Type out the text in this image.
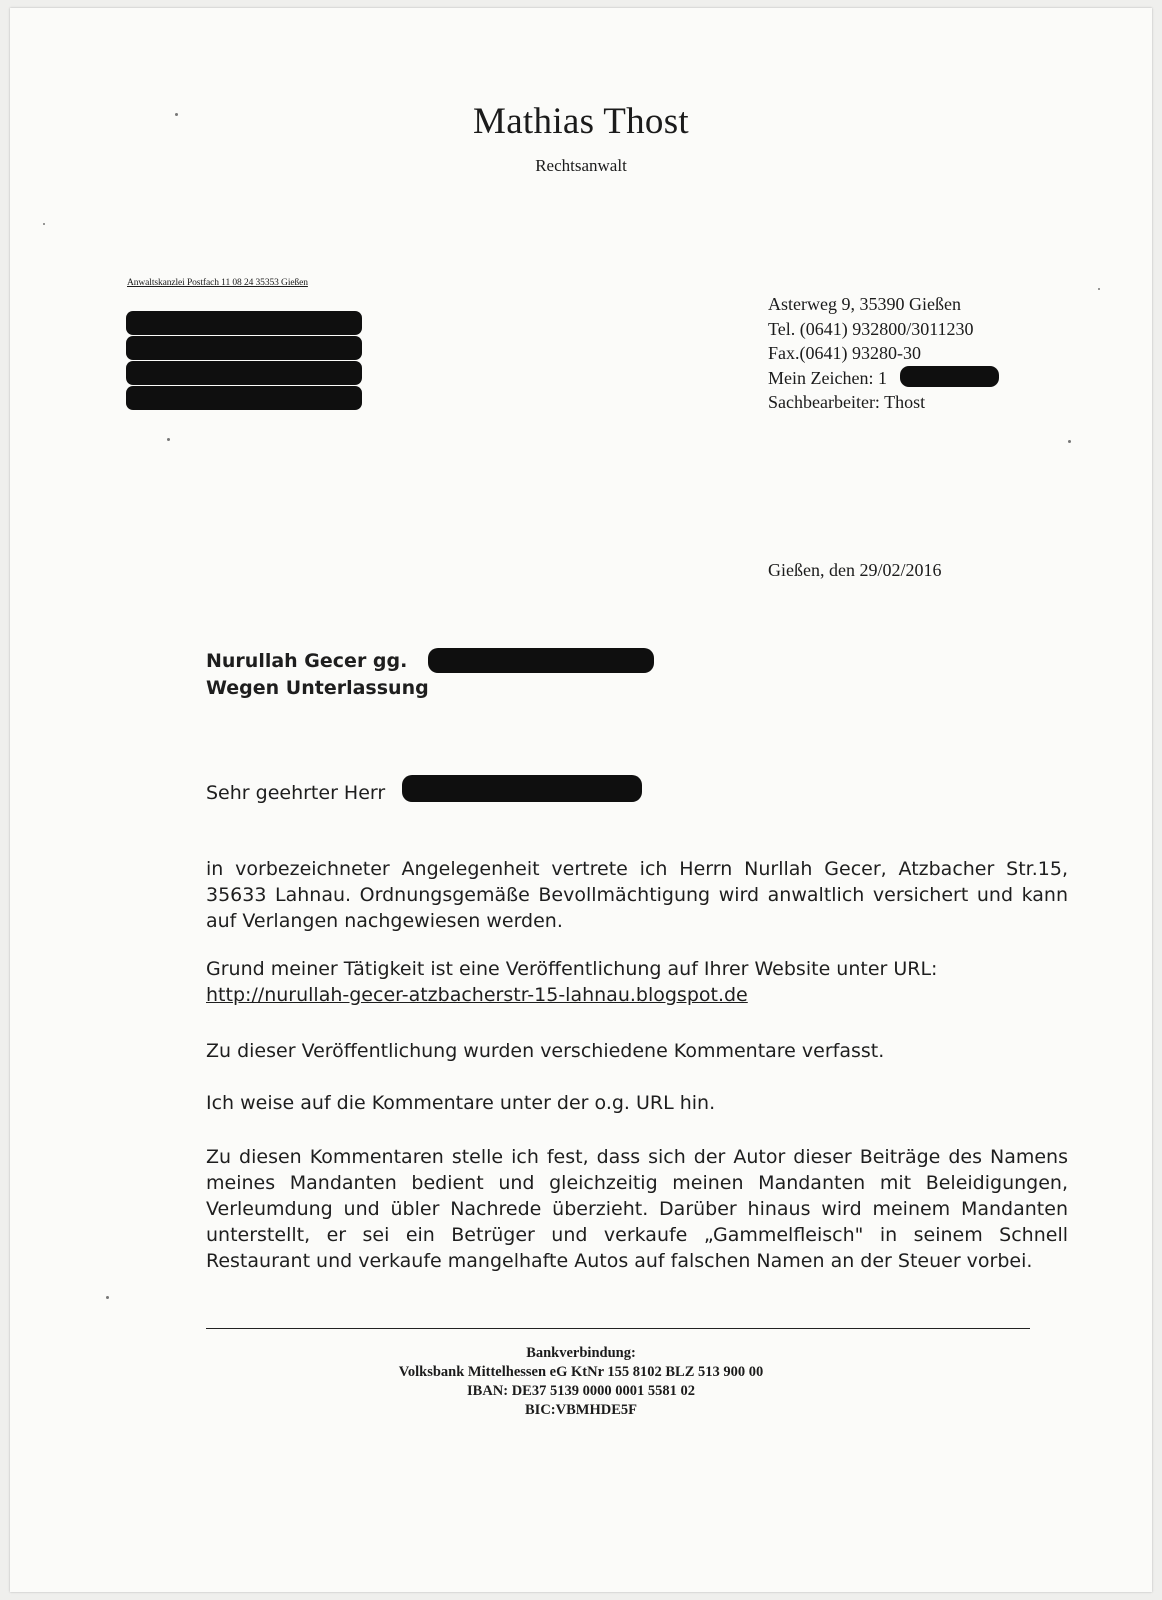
Mathias Thost
Rechtsanwalt
Anwaltskanzlei Postfach 11 08 24 35353 Gießen
Asterweg 9, 35390 Gießen
Tel. (0641) 932800/3011230
Fax.(0641) 93280-30
Mein Zeichen: 1
Sachbearbeiter: Thost
Gießen, den 29/02/2016
Nurullah Gecer gg.
Wegen Unterlassung
Sehr geehrter Herr
in vorbezeichneter Angelegenheit vertrete ich Herrn Nurllah Gecer, Atzbacher Str.15, 35633 Lahnau. Ordnungsgemäße Bevollmächtigung wird anwaltlich versichert und kann auf Verlangen nachgewiesen werden.
Grund meiner Tätigkeit ist eine Veröffentlichung auf Ihrer Website unter URL:
http://nurullah-gecer-atzbacherstr-15-lahnau.blogspot.de
Zu dieser Veröffentlichung wurden verschiedene Kommentare verfasst.
Ich weise auf die Kommentare unter der o.g. URL hin.
Zu diesen Kommentaren stelle ich fest, dass sich der Autor dieser Beiträge des Namens meines Mandanten bedient und gleichzeitig meinen Mandanten mit Beleidigungen, Verleumdung und übler Nachrede überzieht. Darüber hinaus wird meinem Mandanten unterstellt, er sei ein Betrüger und verkaufe „Gammelfleisch" in seinem Schnell Restaurant und verkaufe mangelhafte Autos auf falschen Namen an der Steuer vorbei.
Bankverbindung:
Volksbank Mittelhessen eG KtNr 155 8102 BLZ 513 900 00
IBAN: DE37 5139 0000 0001 5581 02
BIC:VBMHDE5F
